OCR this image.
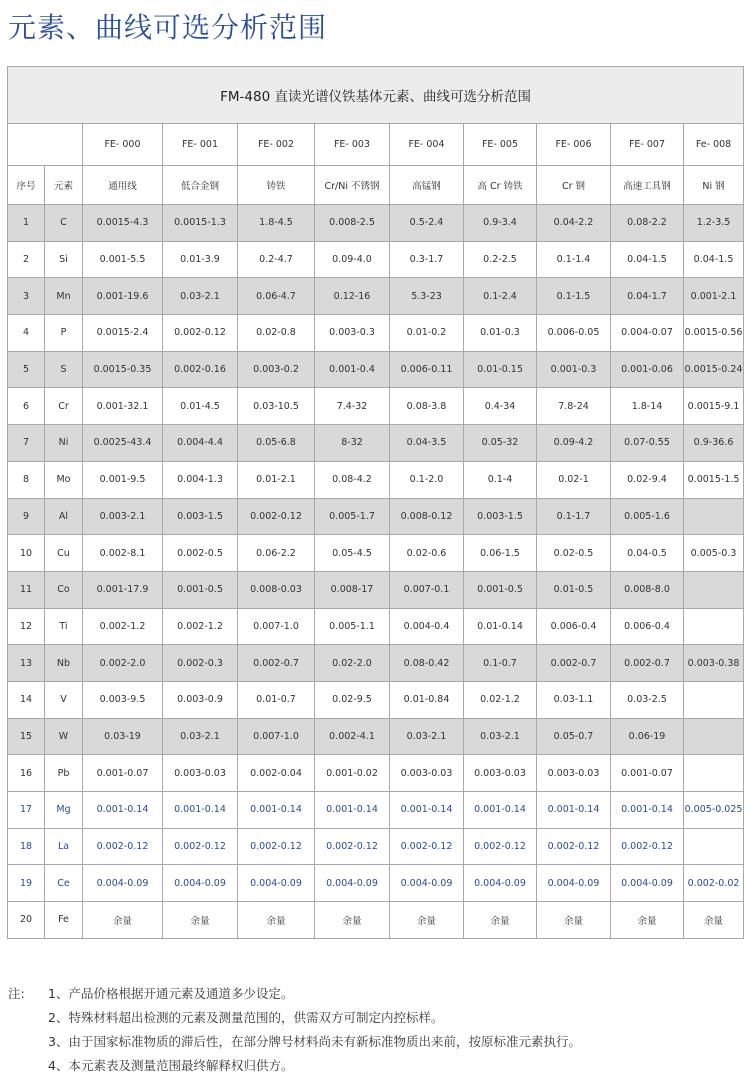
元素、曲线可选分析范围
FM-480 直读光谱仪铁基体元素、曲线可选分析范围										
		FE- 000	FE- 001	FE- 002	FE- 003	FE- 004	FE- 005	FE- 006	FE- 007	Fe- 008
序号	元素	通用线	低合金钢	铸铁	Cr/Ni 不锈钢	高锰钢	高 Cr 铸铁	Cr 钢	高速工具钢	Ni 钢
1	C	0.0015-4.3	0.0015-1.3	1.8-4.5	0.008-2.5	0.5-2.4	0.9-3.4	0.04-2.2	0.08-2.2	1.2-3.5
2	Si	0.001-5.5	0.01-3.9	0.2-4.7	0.09-4.0	0.3-1.7	0.2-2.5	0.1-1.4	0.04-1.5	0.04-1.5
3	Mn	0.001-19.6	0.03-2.1	0.06-4.7	0.12-16	5.3-23	0.1-2.4	0.1-1.5	0.04-1.7	0.001-2.1
4	P	0.0015-2.4	0.002-0.12	0.02-0.8	0.003-0.3	0.01-0.2	0.01-0.3	0.006-0.05	0.004-0.07	0.0015-0.56
5	S	0.0015-0.35	0.002-0.16	0.003-0.2	0.001-0.4	0.006-0.11	0.01-0.15	0.001-0.3	0.001-0.06	0.0015-0.24
6	Cr	0.001-32.1	0.01-4.5	0.03-10.5	7.4-32	0.08-3.8	0.4-34	7.8-24	1.8-14	0.0015-9.1
7	Ni	0.0025-43.4	0.004-4.4	0.05-6.8	8-32	0.04-3.5	0.05-32	0.09-4.2	0.07-0.55	0.9-36.6
8	Mo	0.001-9.5	0.004-1.3	0.01-2.1	0.08-4.2	0.1-2.0	0.1-4	0.02-1	0.02-9.4	0.0015-1.5
9	Al	0.003-2.1	0.003-1.5	0.002-0.12	0.005-1.7	0.008-0.12	0.003-1.5	0.1-1.7	0.005-1.6	
10	Cu	0.002-8.1	0.002-0.5	0.06-2.2	0.05-4.5	0.02-0.6	0.06-1.5	0.02-0.5	0.04-0.5	0.005-0.3
11	Co	0.001-17.9	0.001-0.5	0.008-0.03	0.008-17	0.007-0.1	0.001-0.5	0.01-0.5	0.008-8.0	
12	Ti	0.002-1.2	0.002-1.2	0.007-1.0	0.005-1.1	0.004-0.4	0.01-0.14	0.006-0.4	0.006-0.4	
13	Nb	0.002-2.0	0.002-0.3	0.002-0.7	0.02-2.0	0.08-0.42	0.1-0.7	0.002-0.7	0.002-0.7	0.003-0.38
14	V	0.003-9.5	0.003-0.9	0.01-0.7	0.02-9.5	0.01-0.84	0.02-1.2	0.03-1.1	0.03-2.5	
15	W	0.03-19	0.03-2.1	0.007-1.0	0.002-4.1	0.03-2.1	0.03-2.1	0.05-0.7	0.06-19	
16	Pb	0.001-0.07	0.003-0.03	0.002-0.04	0.001-0.02	0.003-0.03	0.003-0.03	0.003-0.03	0.001-0.07	
17	Mg	0.001-0.14	0.001-0.14	0.001-0.14	0.001-0.14	0.001-0.14	0.001-0.14	0.001-0.14	0.001-0.14	0.005-0.025
18	La	0.002-0.12	0.002-0.12	0.002-0.12	0.002-0.12	0.002-0.12	0.002-0.12	0.002-0.12	0.002-0.12	
19	Ce	0.004-0.09	0.004-0.09	0.004-0.09	0.004-0.09	0.004-0.09	0.004-0.09	0.004-0.09	0.004-0.09	0.002-0.02
20	Fe	余量	余量	余量	余量	余量	余量	余量	余量	余量
注: 1、产品价格根据开通元素及通道多少设定。
2、特殊材料超出检测的元素及测量范围的，供需双方可制定内控标样。
3、由于国家标准物质的滞后性，在部分牌号材料尚未有新标准物质出来前，按原标准元素执行。
4、本元素表及测量范围最终解释权归供方。
